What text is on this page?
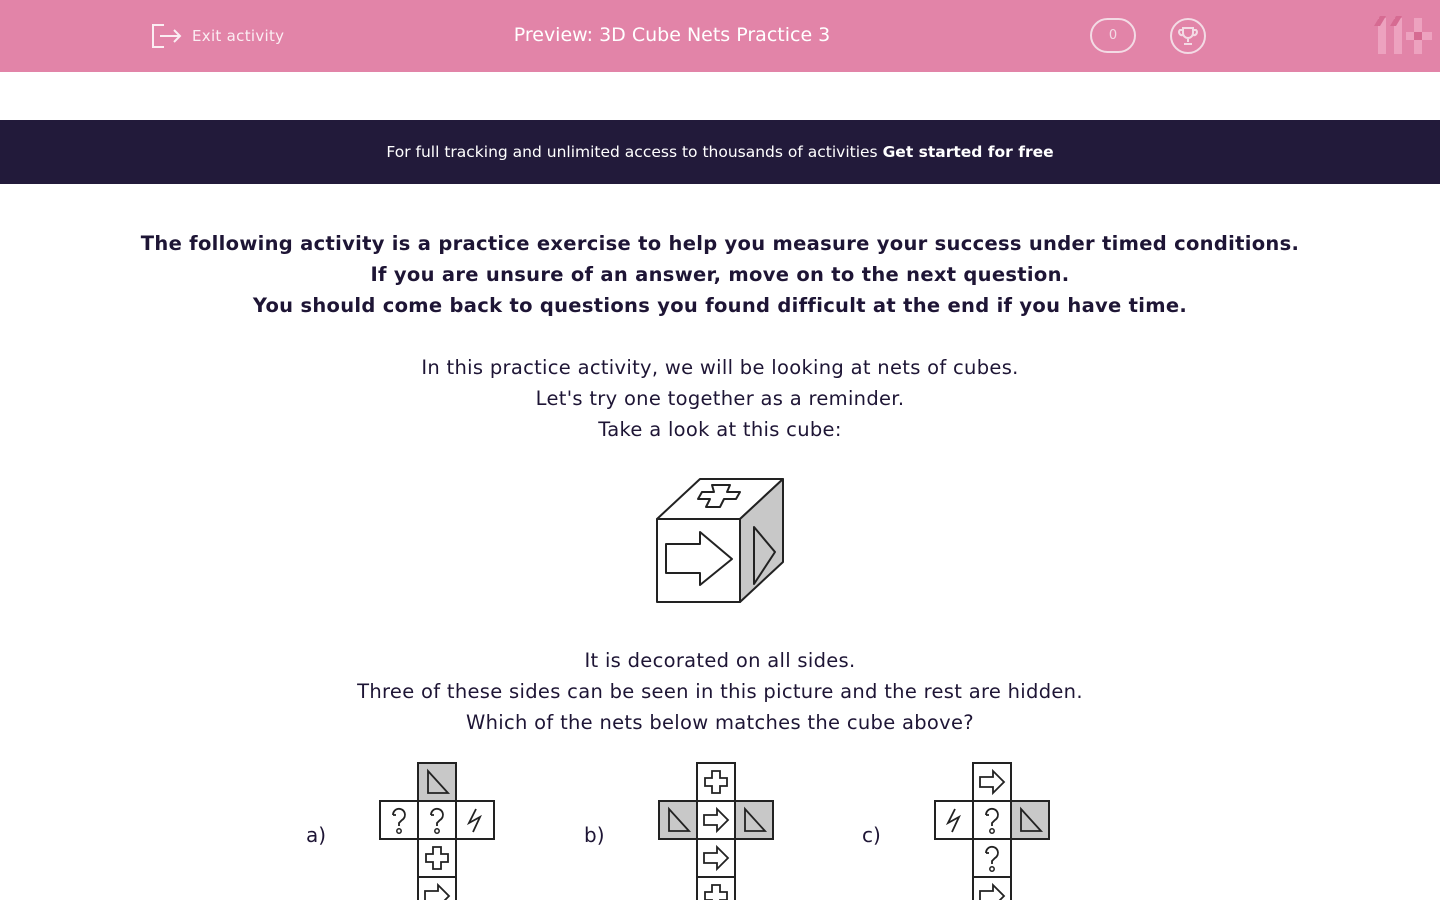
Exit activity	Preview: 3D Cube Nets Practice 3	0
For full tracking and unlimited access to thousands of activities Get started for free

The following activity is a practice exercise to help you measure your success under timed conditions.

If you are unsure of an answer, move on to the next question.

You should come back to questions you found difficult at the end if you have time.

In this practice activity, we will be looking at nets of cubes.

Let's try one together as a reminder.

Take a look at this cube:

It is decorated on all sides.

Three of these sides can be seen in this picture and the rest are hidden.

Which of the nets below matches the cube above?

a)	b)	c)
